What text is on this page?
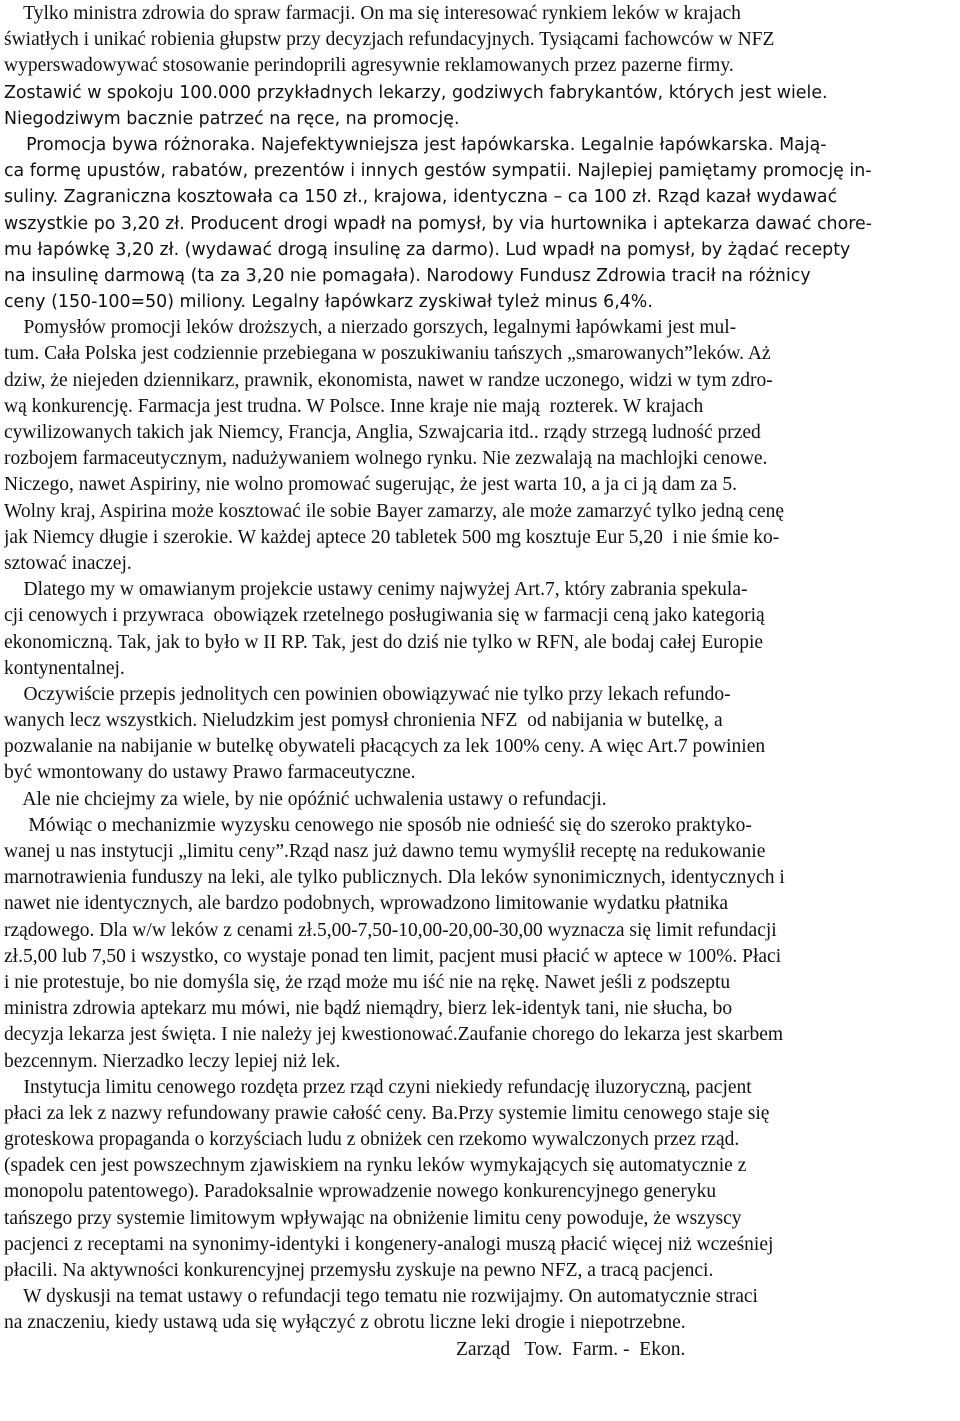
Tylko ministra zdrowia do spraw farmacji. On ma się interesować rynkiem leków w krajach
światłych i unikać robienia głupstw przy decyzjach refundacyjnych. Tysiącami fachowców w NFZ
wyperswadowywać stosowanie perindoprili agresywnie reklamowanych przez pazerne firmy.
Zostawić w spokoju 100.000 przykładnych lekarzy, godziwych fabrykantów, których jest wiele.
Niegodziwym bacznie patrzeć na ręce, na promocję.
Promocja bywa różnoraka. Najefektywniejsza jest łapówkarska. Legalnie łapówkarska. Mają-
ca formę upustów, rabatów, prezentów i innych gestów sympatii. Najlepiej pamiętamy promocję in-
suliny. Zagraniczna kosztowała ca 150 zł., krajowa, identyczna – ca 100 zł. Rząd kazał wydawać
wszystkie po 3,20 zł. Producent drogi wpadł na pomysł, by via hurtownika i aptekarza dawać chore-
mu łapówkę 3,20 zł. (wydawać drogą insulinę za darmo). Lud wpadł na pomysł, by żądać recepty
na insulinę darmową (ta za 3,20 nie pomagała). Narodowy Fundusz Zdrowia tracił na różnicy
ceny (150-100=50) miliony. Legalny łapówkarz zyskiwał tyleż minus 6,4%.
Pomysłów promocji leków droższych, a nierzado gorszych, legalnymi łapówkami jest mul-
tum. Cała Polska jest codziennie przebiegana w poszukiwaniu tańszych „smarowanych”leków. Aż
dziw, że niejeden dziennikarz, prawnik, ekonomista, nawet w randze uczonego, widzi w tym zdro-
wą konkurencję. Farmacja jest trudna. W Polsce. Inne kraje nie mają  rozterek. W krajach
cywilizowanych takich jak Niemcy, Francja, Anglia, Szwajcaria itd.. rządy strzegą ludność przed
rozbojem farmaceutycznym, nadużywaniem wolnego rynku. Nie zezwalają na machlojki cenowe.
Niczego, nawet Aspiriny, nie wolno promować sugerując, że jest warta 10, a ja ci ją dam za 5.
Wolny kraj, Aspirina może kosztować ile sobie Bayer zamarzy, ale może zamarzyć tylko jedną cenę
jak Niemcy długie i szerokie. W każdej aptece 20 tabletek 500 mg kosztuje Eur 5,20  i nie śmie ko-
sztować inaczej.
Dlatego my w omawianym projekcie ustawy cenimy najwyżej Art.7, który zabrania spekula-
cji cenowych i przywraca  obowiązek rzetelnego posługiwania się w farmacji ceną jako kategorią
ekonomiczną. Tak, jak to było w II RP. Tak, jest do dziś nie tylko w RFN, ale bodaj całej Europie
kontynentalnej.
Oczywiście przepis jednolitych cen powinien obowiązywać nie tylko przy lekach refundo-
wanych lecz wszystkich. Nieludzkim jest pomysł chronienia NFZ  od nabijania w butelkę, a
pozwalanie na nabijanie w butelkę obywateli płacących za lek 100% ceny. A więc Art.7 powinien
być wmontowany do ustawy Prawo farmaceutyczne.
Ale nie chciejmy za wiele, by nie opóźnić uchwalenia ustawy o refundacji.
Mówiąc o mechanizmie wyzysku cenowego nie sposób nie odnieść się do szeroko praktyko-
wanej u nas instytucji „limitu ceny”.Rząd nasz już dawno temu wymyślił receptę na redukowanie
marnotrawienia funduszy na leki, ale tylko publicznych. Dla leków synonimicznych, identycznych i
nawet nie identycznych, ale bardzo podobnych, wprowadzono limitowanie wydatku płatnika
rządowego. Dla w/w leków z cenami zł.5,00-7,50-10,00-20,00-30,00 wyznacza się limit refundacji
zł.5,00 lub 7,50 i wszystko, co wystaje ponad ten limit, pacjent musi płacić w aptece w 100%. Płaci
i nie protestuje, bo nie domyśla się, że rząd może mu iść nie na rękę. Nawet jeśli z podszeptu
ministra zdrowia aptekarz mu mówi, nie bądź niemądry, bierz lek-identyk tani, nie słucha, bo
decyzja lekarza jest święta. I nie należy jej kwestionować.Zaufanie chorego do lekarza jest skarbem
bezcennym. Nierzadko leczy lepiej niż lek.
Instytucja limitu cenowego rozdęta przez rząd czyni niekiedy refundację iluzoryczną, pacjent
płaci za lek z nazwy refundowany prawie całość ceny. Ba.Przy systemie limitu cenowego staje się
groteskowa propaganda o korzyściach ludu z obniżek cen rzekomo wywalczonych przez rząd.
(spadek cen jest powszechnym zjawiskiem na rynku leków wymykających się automatycznie z
monopolu patentowego). Paradoksalnie wprowadzenie nowego konkurencyjnego generyku
tańszego przy systemie limitowym wpływając na obniżenie limitu ceny powoduje, że wszyscy
pacjenci z receptami na synonimy-identyki i kongenery-analogi muszą płacić więcej niż wcześniej
płacili. Na aktywności konkurencyjnej przemysłu zyskuje na pewno NFZ, a tracą pacjenci.
W dyskusji na temat ustawy o refundacji tego tematu nie rozwijajmy. On automatycznie straci
na znaczeniu, kiedy ustawą uda się wyłączyć z obrotu liczne leki drogie i niepotrzebne.
Zarząd   Tow.  Farm. -  Ekon.
